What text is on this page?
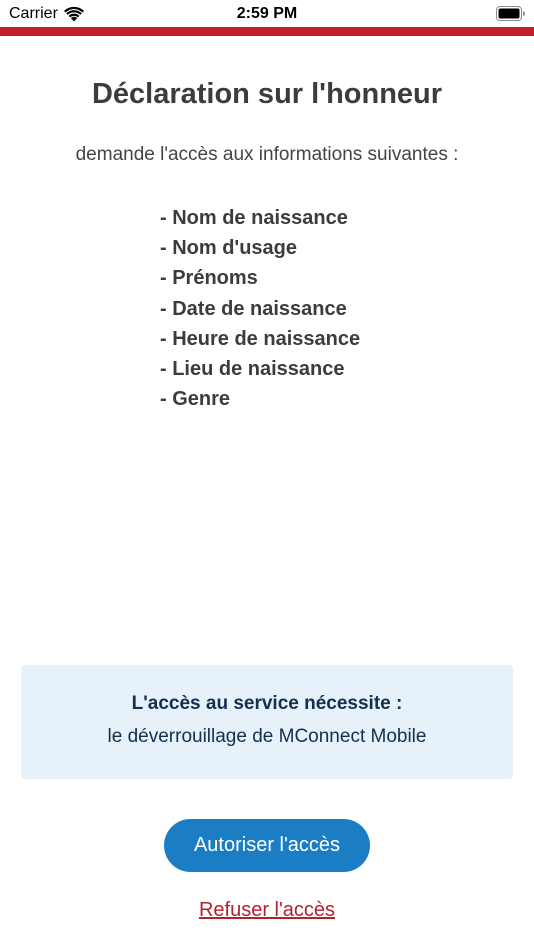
Carrier	2:59 PM
Déclaration sur l'honneur

demande l'accès aux informations suivantes :

- Nom de naissance
- Nom d'usage
- Prénoms
- Date de naissance
- Heure de naissance
- Lieu de naissance
- Genre
L'accès au service nécessite :
le déverrouillage de MConnect Mobile
Autoriser l'accès
Refuser l'accès
